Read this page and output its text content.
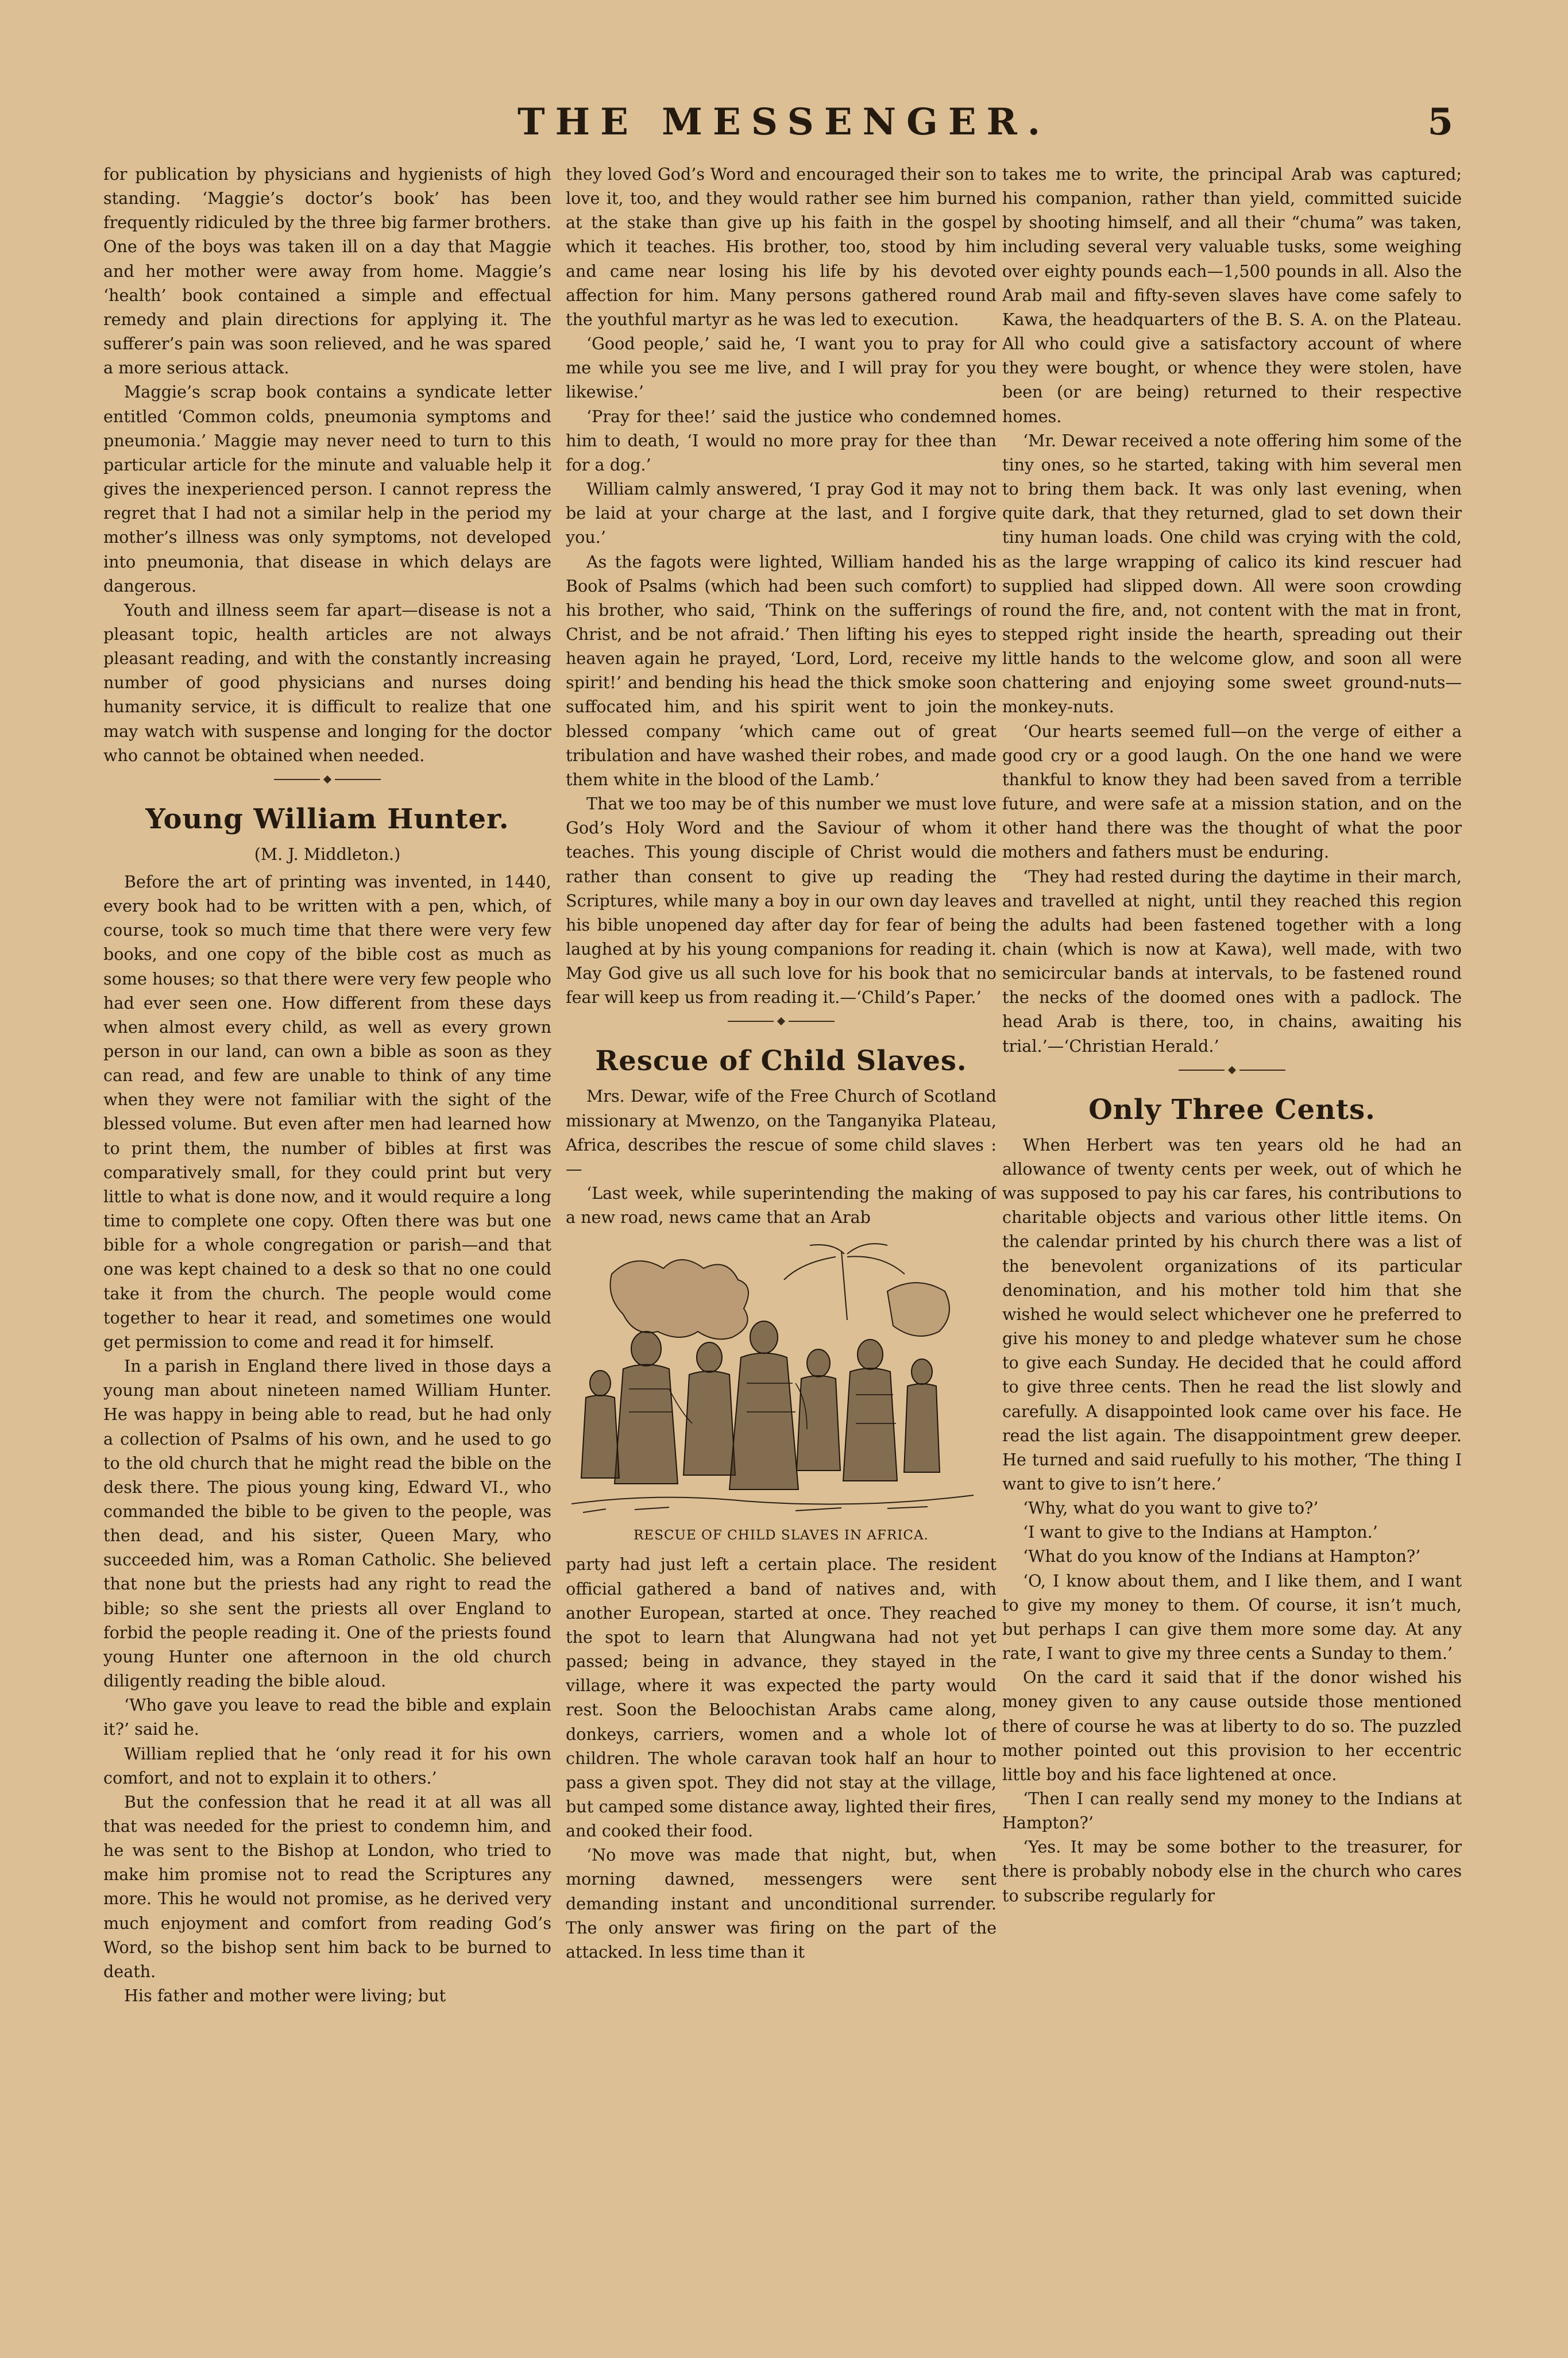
THE MESSENGER.	5

for publication by physicians and hygienists of high standing. ‘Maggie’s doctor’s book’ has been frequently ridiculed by the three big farmer brothers. One of the boys was taken ill on a day that Maggie and her mother were away from home. Maggie’s ‘health’ book contained a simple and effectual remedy and plain directions for applying it. The sufferer’s pain was soon relieved, and he was spared a more serious attack.

Maggie’s scrap book contains a syndicate letter entitled ‘Common colds, pneumonia symptoms and pneumonia.’ Maggie may never need to turn to this particular article for the minute and valuable help it gives the inexperienced person. I cannot repress the regret that I had not a similar help in the period my mother’s illness was only symptoms, not developed into pneumonia, that disease in which delays are dangerous.

Youth and illness seem far apart—disease is not a pleasant topic, health articles are not always pleasant reading, and with the constantly increasing number of good physicians and nurses doing humanity service, it is difficult to realize that one may watch with suspense and longing for the doctor who cannot be obtained when needed.

Young William Hunter.
(M. J. Middleton.)

Before the art of printing was invented, in 1440, every book had to be written with a pen, which, of course, took so much time that there were very few books, and one copy of the bible cost as much as some houses; so that there were very few people who had ever seen one. How different from these days when almost every child, as well as every grown person in our land, can own a bible as soon as they can read, and few are unable to think of any time when they were not familiar with the sight of the blessed volume. But even after men had learned how to print them, the number of bibles at first was comparatively small, for they could print but very little to what is done now, and it would require a long time to complete one copy. Often there was but one bible for a whole congregation or parish—and that one was kept chained to a desk so that no one could take it from the church. The people would come together to hear it read, and sometimes one would get permission to come and read it for himself.

In a parish in England there lived in those days a young man about nineteen named William Hunter. He was happy in being able to read, but he had only a collection of Psalms of his own, and he used to go to the old church that he might read the bible on the desk there. The pious young king, Edward VI., who commanded the bible to be given to the people, was then dead, and his sister, Queen Mary, who succeeded him, was a Roman Catholic. She believed that none but the priests had any right to read the bible; so she sent the priests all over England to forbid the people reading it. One of the priests found young Hunter one afternoon in the old church diligently reading the bible aloud.

‘Who gave you leave to read the bible and explain it?’ said he.

William replied that he ‘only read it for his own comfort, and not to explain it to others.’

But the confession that he read it at all was all that was needed for the priest to condemn him, and he was sent to the Bishop at London, who tried to make him promise not to read the Scriptures any more. This he would not promise, as he derived very much enjoyment and comfort from reading God’s Word, so the bishop sent him back to be burned to death.

His father and mother were living; but

they loved God’s Word and encouraged their son to love it, too, and they would rather see him burned at the stake than give up his faith in the gospel which it teaches. His brother, too, stood by him and came near losing his life by his devoted affection for him. Many persons gathered round the youthful martyr as he was led to execution.

‘Good people,’ said he, ‘I want you to pray for me while you see me live, and I will pray for you likewise.’

‘Pray for thee!’ said the justice who condemned him to death, ‘I would no more pray for thee than for a dog.’

William calmly answered, ‘I pray God it may not be laid at your charge at the last, and I forgive you.’

As the fagots were lighted, William handed his Book of Psalms (which had been such comfort) to his brother, who said, ‘Think on the sufferings of Christ, and be not afraid.’ Then lifting his eyes to heaven again he prayed, ‘Lord, Lord, receive my spirit!’ and bending his head the thick smoke soon suffocated him, and his spirit went to join the blessed company ‘which came out of great tribulation and have washed their robes, and made them white in the blood of the Lamb.’

That we too may be of this number we must love God’s Holy Word and the Saviour of whom it teaches. This young disciple of Christ would die rather than consent to give up reading the Scriptures, while many a boy in our own day leaves his bible unopened day after day for fear of being laughed at by his young companions for reading it. May God give us all such love for his book that no fear will keep us from reading it.—‘Child’s Paper.’

Rescue of Child Slaves.

Mrs. Dewar, wife of the Free Church of Scotland missionary at Mwenzo, on the Tanganyika Plateau, Africa, describes the rescue of some child slaves :—

‘Last week, while superintending the making of a new road, news came that an Arab

RESCUE OF CHILD SLAVES IN AFRICA.

party had just left a certain place. The resident official gathered a band of natives and, with another European, started at once. They reached the spot to learn that Alungwana had not yet passed; being in advance, they stayed in the village, where it was expected the party would rest. Soon the Beloochistan Arabs came along, donkeys, carriers, women and a whole lot of children. The whole caravan took half an hour to pass a given spot. They did not stay at the village, but camped some distance away, lighted their fires, and cooked their food.

‘No move was made that night, but, when morning dawned, messengers were sent demanding instant and unconditional surrender. The only answer was firing on the part of the attacked. In less time than it

takes me to write, the principal Arab was captured; his companion, rather than yield, committed suicide by shooting himself, and all their “chuma” was taken, including several very valuable tusks, some weighing over eighty pounds each—1,500 pounds in all. Also the Arab mail and fifty-seven slaves have come safely to Kawa, the headquarters of the B. S. A. on the Plateau. All who could give a satisfactory account of where they were bought, or whence they were stolen, have been (or are being) returned to their respective homes.

‘Mr. Dewar received a note offering him some of the tiny ones, so he started, taking with him several men to bring them back. It was only last evening, when quite dark, that they returned, glad to set down their tiny human loads. One child was crying with the cold, as the large wrapping of calico its kind rescuer had supplied had slipped down. All were soon crowding round the fire, and, not content with the mat in front, stepped right inside the hearth, spreading out their little hands to the welcome glow, and soon all were chattering and enjoying some sweet ground-nuts—monkey-nuts.

‘Our hearts seemed full—on the verge of either a good cry or a good laugh. On the one hand we were thankful to know they had been saved from a terrible future, and were safe at a mission station, and on the other hand there was the thought of what the poor mothers and fathers must be enduring.

‘They had rested during the daytime in their march, and travelled at night, until they reached this region the adults had been fastened together with a long chain (which is now at Kawa), well made, with two semicircular bands at intervals, to be fastened round the necks of the doomed ones with a padlock. The head Arab is there, too, in chains, awaiting his trial.’—‘Christian Herald.’

Only Three Cents.

When Herbert was ten years old he had an allowance of twenty cents per week, out of which he was supposed to pay his car fares, his contributions to charitable objects and various other little items. On the calendar printed by his church there was a list of the benevolent organizations of its particular denomination, and his mother told him that she wished he would select whichever one he preferred to give his money to and pledge whatever sum he chose to give each Sunday. He decided that he could afford to give three cents. Then he read the list slowly and carefully. A disappointed look came over his face. He read the list again. The disappointment grew deeper. He turned and said ruefully to his mother, ‘The thing I want to give to isn’t here.’

‘Why, what do you want to give to?’

‘I want to give to the Indians at Hampton.’

‘What do you know of the Indians at Hampton?’

‘O, I know about them, and I like them, and I want to give my money to them. Of course, it isn’t much, but perhaps I can give them more some day. At any rate, I want to give my three cents a Sunday to them.’

On the card it said that if the donor wished his money given to any cause outside those mentioned there of course he was at liberty to do so. The puzzled mother pointed out this provision to her eccentric little boy and his face lightened at once.

‘Then I can really send my money to the Indians at Hampton?’

‘Yes. It may be some bother to the treasurer, for there is probably nobody else in the church who cares to subscribe regularly for
